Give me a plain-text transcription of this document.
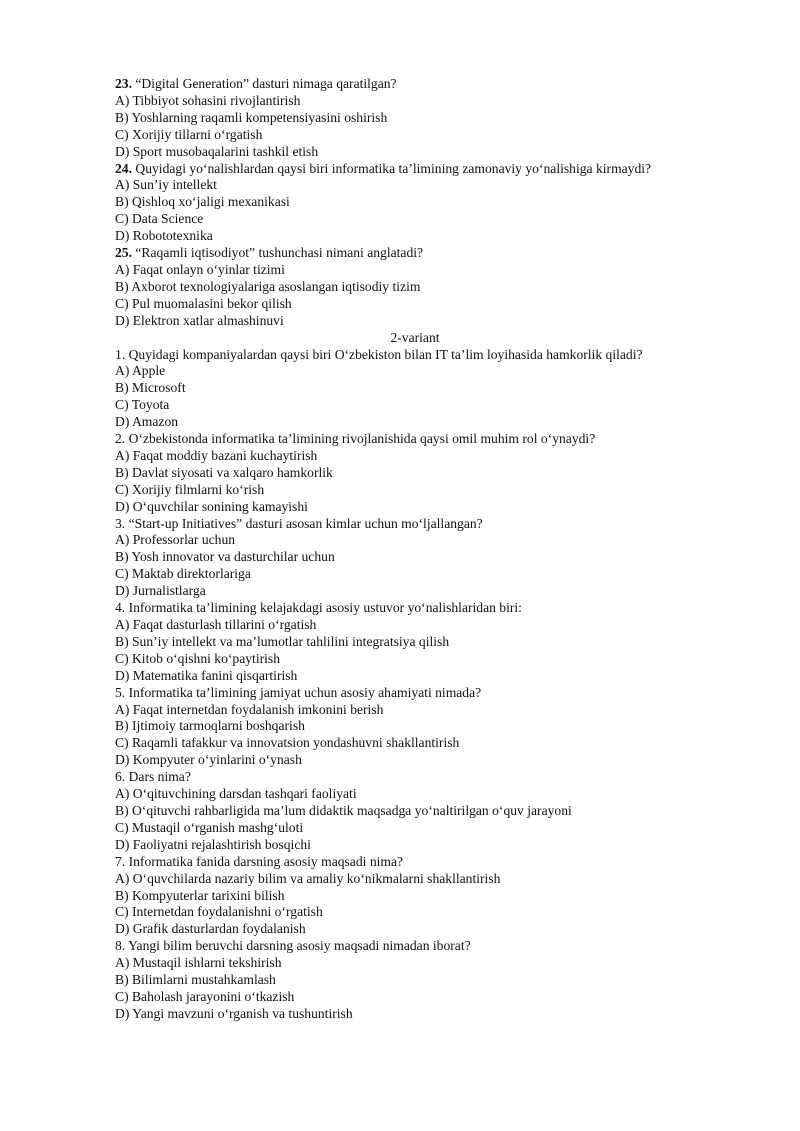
23. “Digital Generation” dasturi nimaga qaratilgan?
A) Tibbiyot sohasini rivojlantirish
B) Yoshlarning raqamli kompetensiyasini oshirish
C) Xorijiy tillarni o‘rgatish
D) Sport musobaqalarini tashkil etish
24. Quyidagi yo‘nalishlardan qaysi biri informatika ta’limining zamonaviy yo‘nalishiga kirmaydi?
A) Sun’iy intellekt
B) Qishloq xo‘jaligi mexanikasi
C) Data Science
D) Robototexnika
25. “Raqamli iqtisodiyot” tushunchasi nimani anglatadi?
A) Faqat onlayn o‘yinlar tizimi
B) Axborot texnologiyalariga asoslangan iqtisodiy tizim
C) Pul muomalasini bekor qilish
D) Elektron xatlar almashinuvi
2-variant
1. Quyidagi kompaniyalardan qaysi biri O‘zbekiston bilan IT ta’lim loyihasida hamkorlik qiladi?
A) Apple
B) Microsoft
C) Toyota
D) Amazon
2. O‘zbekistonda informatika ta’limining rivojlanishida qaysi omil muhim rol o‘ynaydi?
A) Faqat moddiy bazani kuchaytirish
B) Davlat siyosati va xalqaro hamkorlik
C) Xorijiy filmlarni ko‘rish
D) O‘quvchilar sonining kamayishi
3. “Start-up Initiatives” dasturi asosan kimlar uchun mo‘ljallangan?
A) Professorlar uchun
B) Yosh innovator va dasturchilar uchun
C) Maktab direktorlariga
D) Jurnalistlarga
4. Informatika ta’limining kelajakdagi asosiy ustuvor yo‘nalishlaridan biri:
A) Faqat dasturlash tillarini o‘rgatish
B) Sun’iy intellekt va ma’lumotlar tahlilini integratsiya qilish
C) Kitob o‘qishni ko‘paytirish
D) Matematika fanini qisqartirish
5. Informatika ta’limining jamiyat uchun asosiy ahamiyati nimada?
A) Faqat internetdan foydalanish imkonini berish
B) Ijtimoiy tarmoqlarni boshqarish
C) Raqamli tafakkur va innovatsion yondashuvni shakllantirish
D) Kompyuter o‘yinlarini o‘ynash
6. Dars nima?
A) O‘qituvchining darsdan tashqari faoliyati
B) O‘qituvchi rahbarligida ma’lum didaktik maqsadga yo‘naltirilgan o‘quv jarayoni
C) Mustaqil o‘rganish mashg‘uloti
D) Faoliyatni rejalashtirish bosqichi
7. Informatika fanida darsning asosiy maqsadi nima?
A) O‘quvchilarda nazariy bilim va amaliy ko‘nikmalarni shakllantirish
B) Kompyuterlar tarixini bilish
C) Internetdan foydalanishni o‘rgatish
D) Grafik dasturlardan foydalanish
8. Yangi bilim beruvchi darsning asosiy maqsadi nimadan iborat?
A) Mustaqil ishlarni tekshirish
B) Bilimlarni mustahkamlash
C) Baholash jarayonini o‘tkazish
D) Yangi mavzuni o‘rganish va tushuntirish
